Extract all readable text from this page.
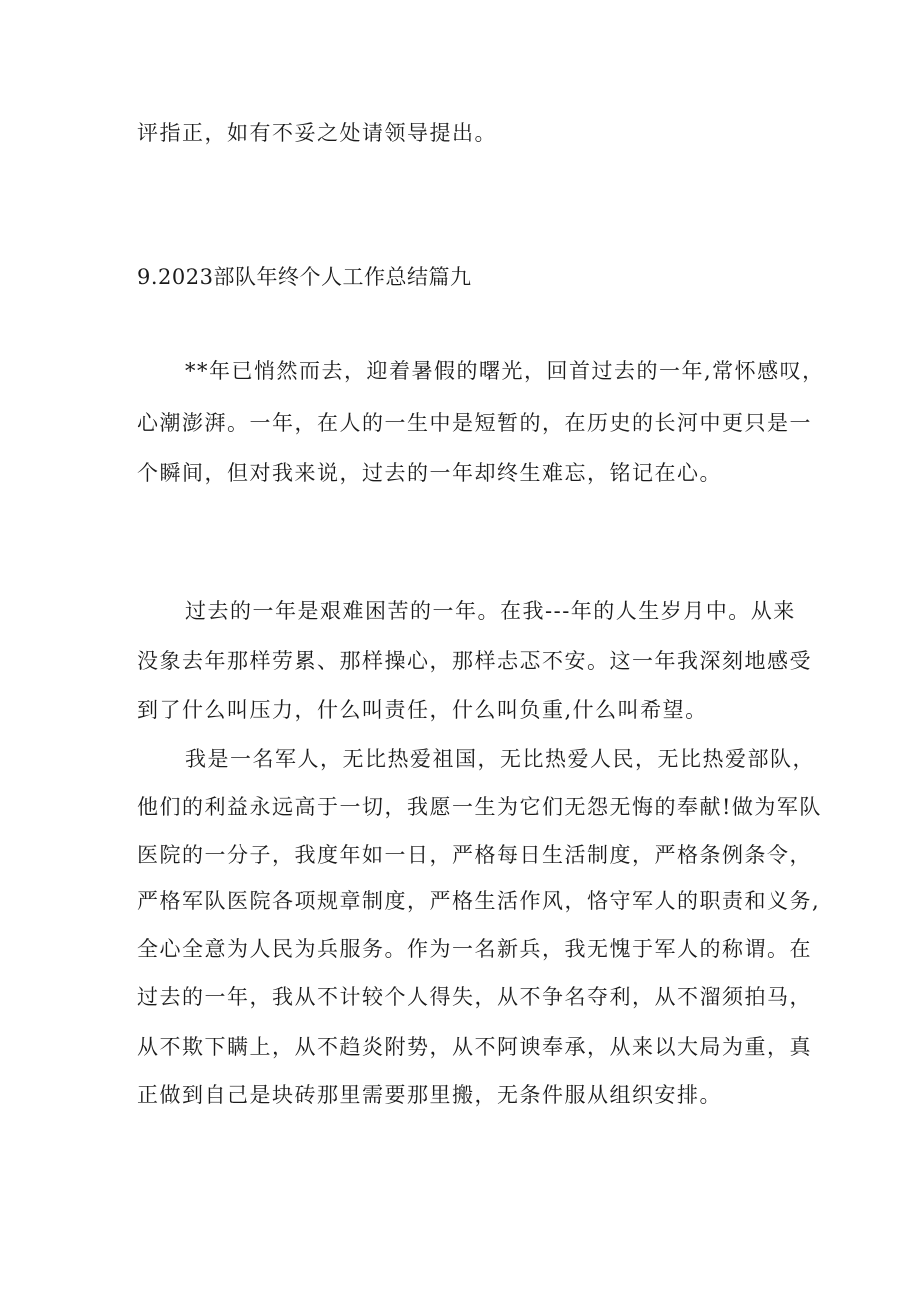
评指正，如有不妥之处请领导提出。
9.2023部队年终个人工作总结篇九
**年已悄然而去，迎着暑假的曙光，回首过去的一年,常怀感叹，
心潮澎湃。一年，在人的一生中是短暂的，在历史的长河中更只是一
个瞬间，但对我来说，过去的一年却终生难忘，铭记在心。
过去的一年是艰难困苦的一年。在我---年的人生岁月中。从来
没象去年那样劳累、那样操心，那样忐忑不安。这一年我深刻地感受
到了什么叫压力，什么叫责任，什么叫负重,什么叫希望。
我是一名军人，无比热爱祖国，无比热爱人民，无比热爱部队，
他们的利益永远高于一切，我愿一生为它们无怨无悔的奉献!做为军队
医院的一分子，我度年如一日，严格每日生活制度，严格条例条令，
严格军队医院各项规章制度，严格生活作风，恪守军人的职责和义务,
全心全意为人民为兵服务。作为一名新兵，我无愧于军人的称谓。在
过去的一年，我从不计较个人得失，从不争名夺利，从不溜须拍马，
从不欺下瞒上，从不趋炎附势，从不阿谀奉承，从来以大局为重，真
正做到自己是块砖那里需要那里搬，无条件服从组织安排。
